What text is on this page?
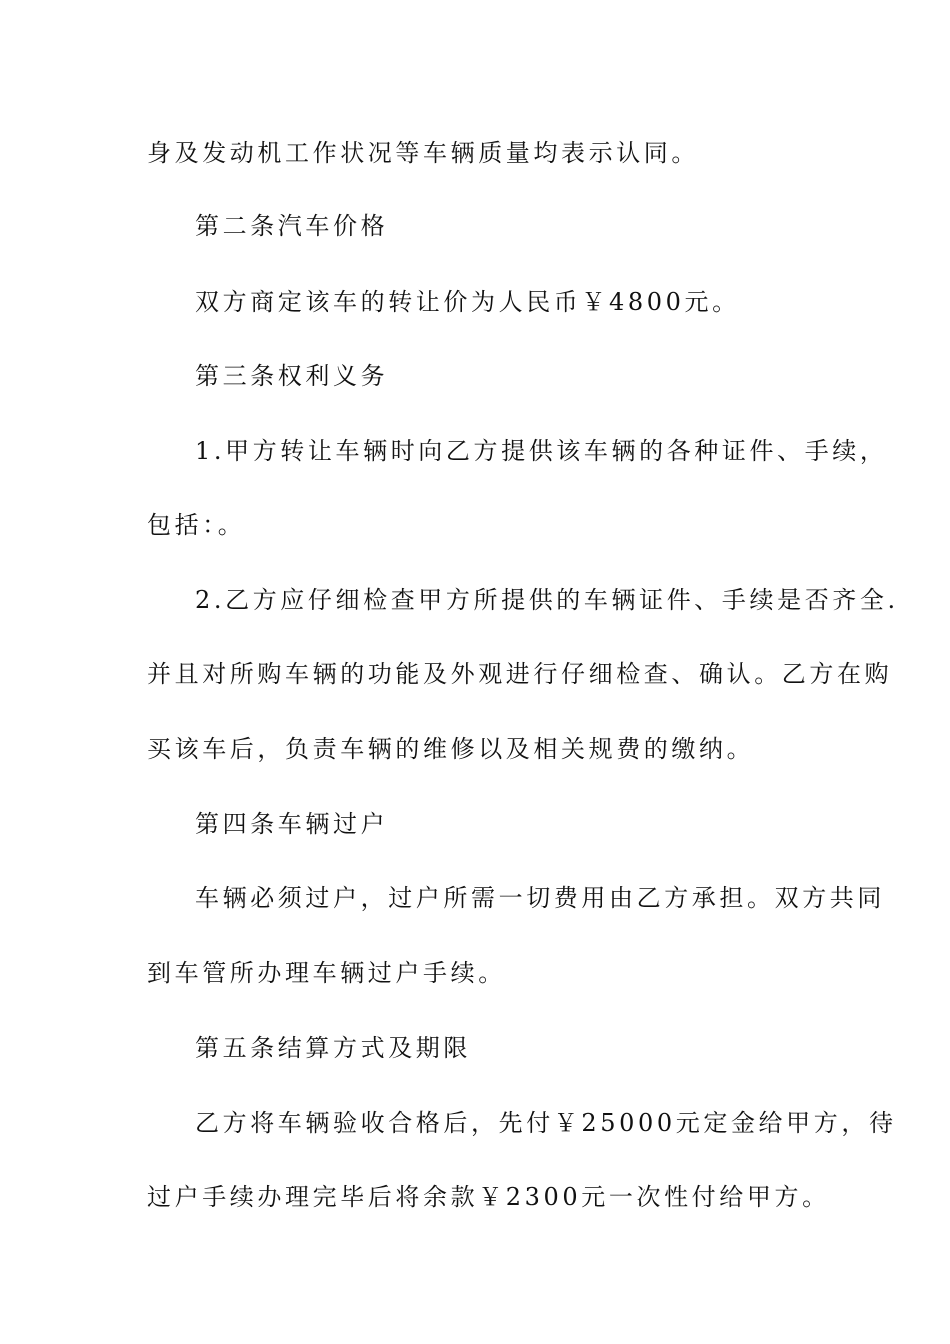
身及发动机工作状况等车辆质量均表示认同。
第二条汽车价格
双方商定该车的转让价为人民币￥4800元。
第三条权利义务
1.甲方转让车辆时向乙方提供该车辆的各种证件、手续，
包括：。
2.乙方应仔细检查甲方所提供的车辆证件、手续是否齐全.
并且对所购车辆的功能及外观进行仔细检查、确认。乙方在购
买该车后，负责车辆的维修以及相关规费的缴纳。
第四条车辆过户
车辆必须过户，过户所需一切费用由乙方承担。双方共同
到车管所办理车辆过户手续。
第五条结算方式及期限
乙方将车辆验收合格后，先付￥25000元定金给甲方，待
过户手续办理完毕后将余款￥2300元一次性付给甲方。
